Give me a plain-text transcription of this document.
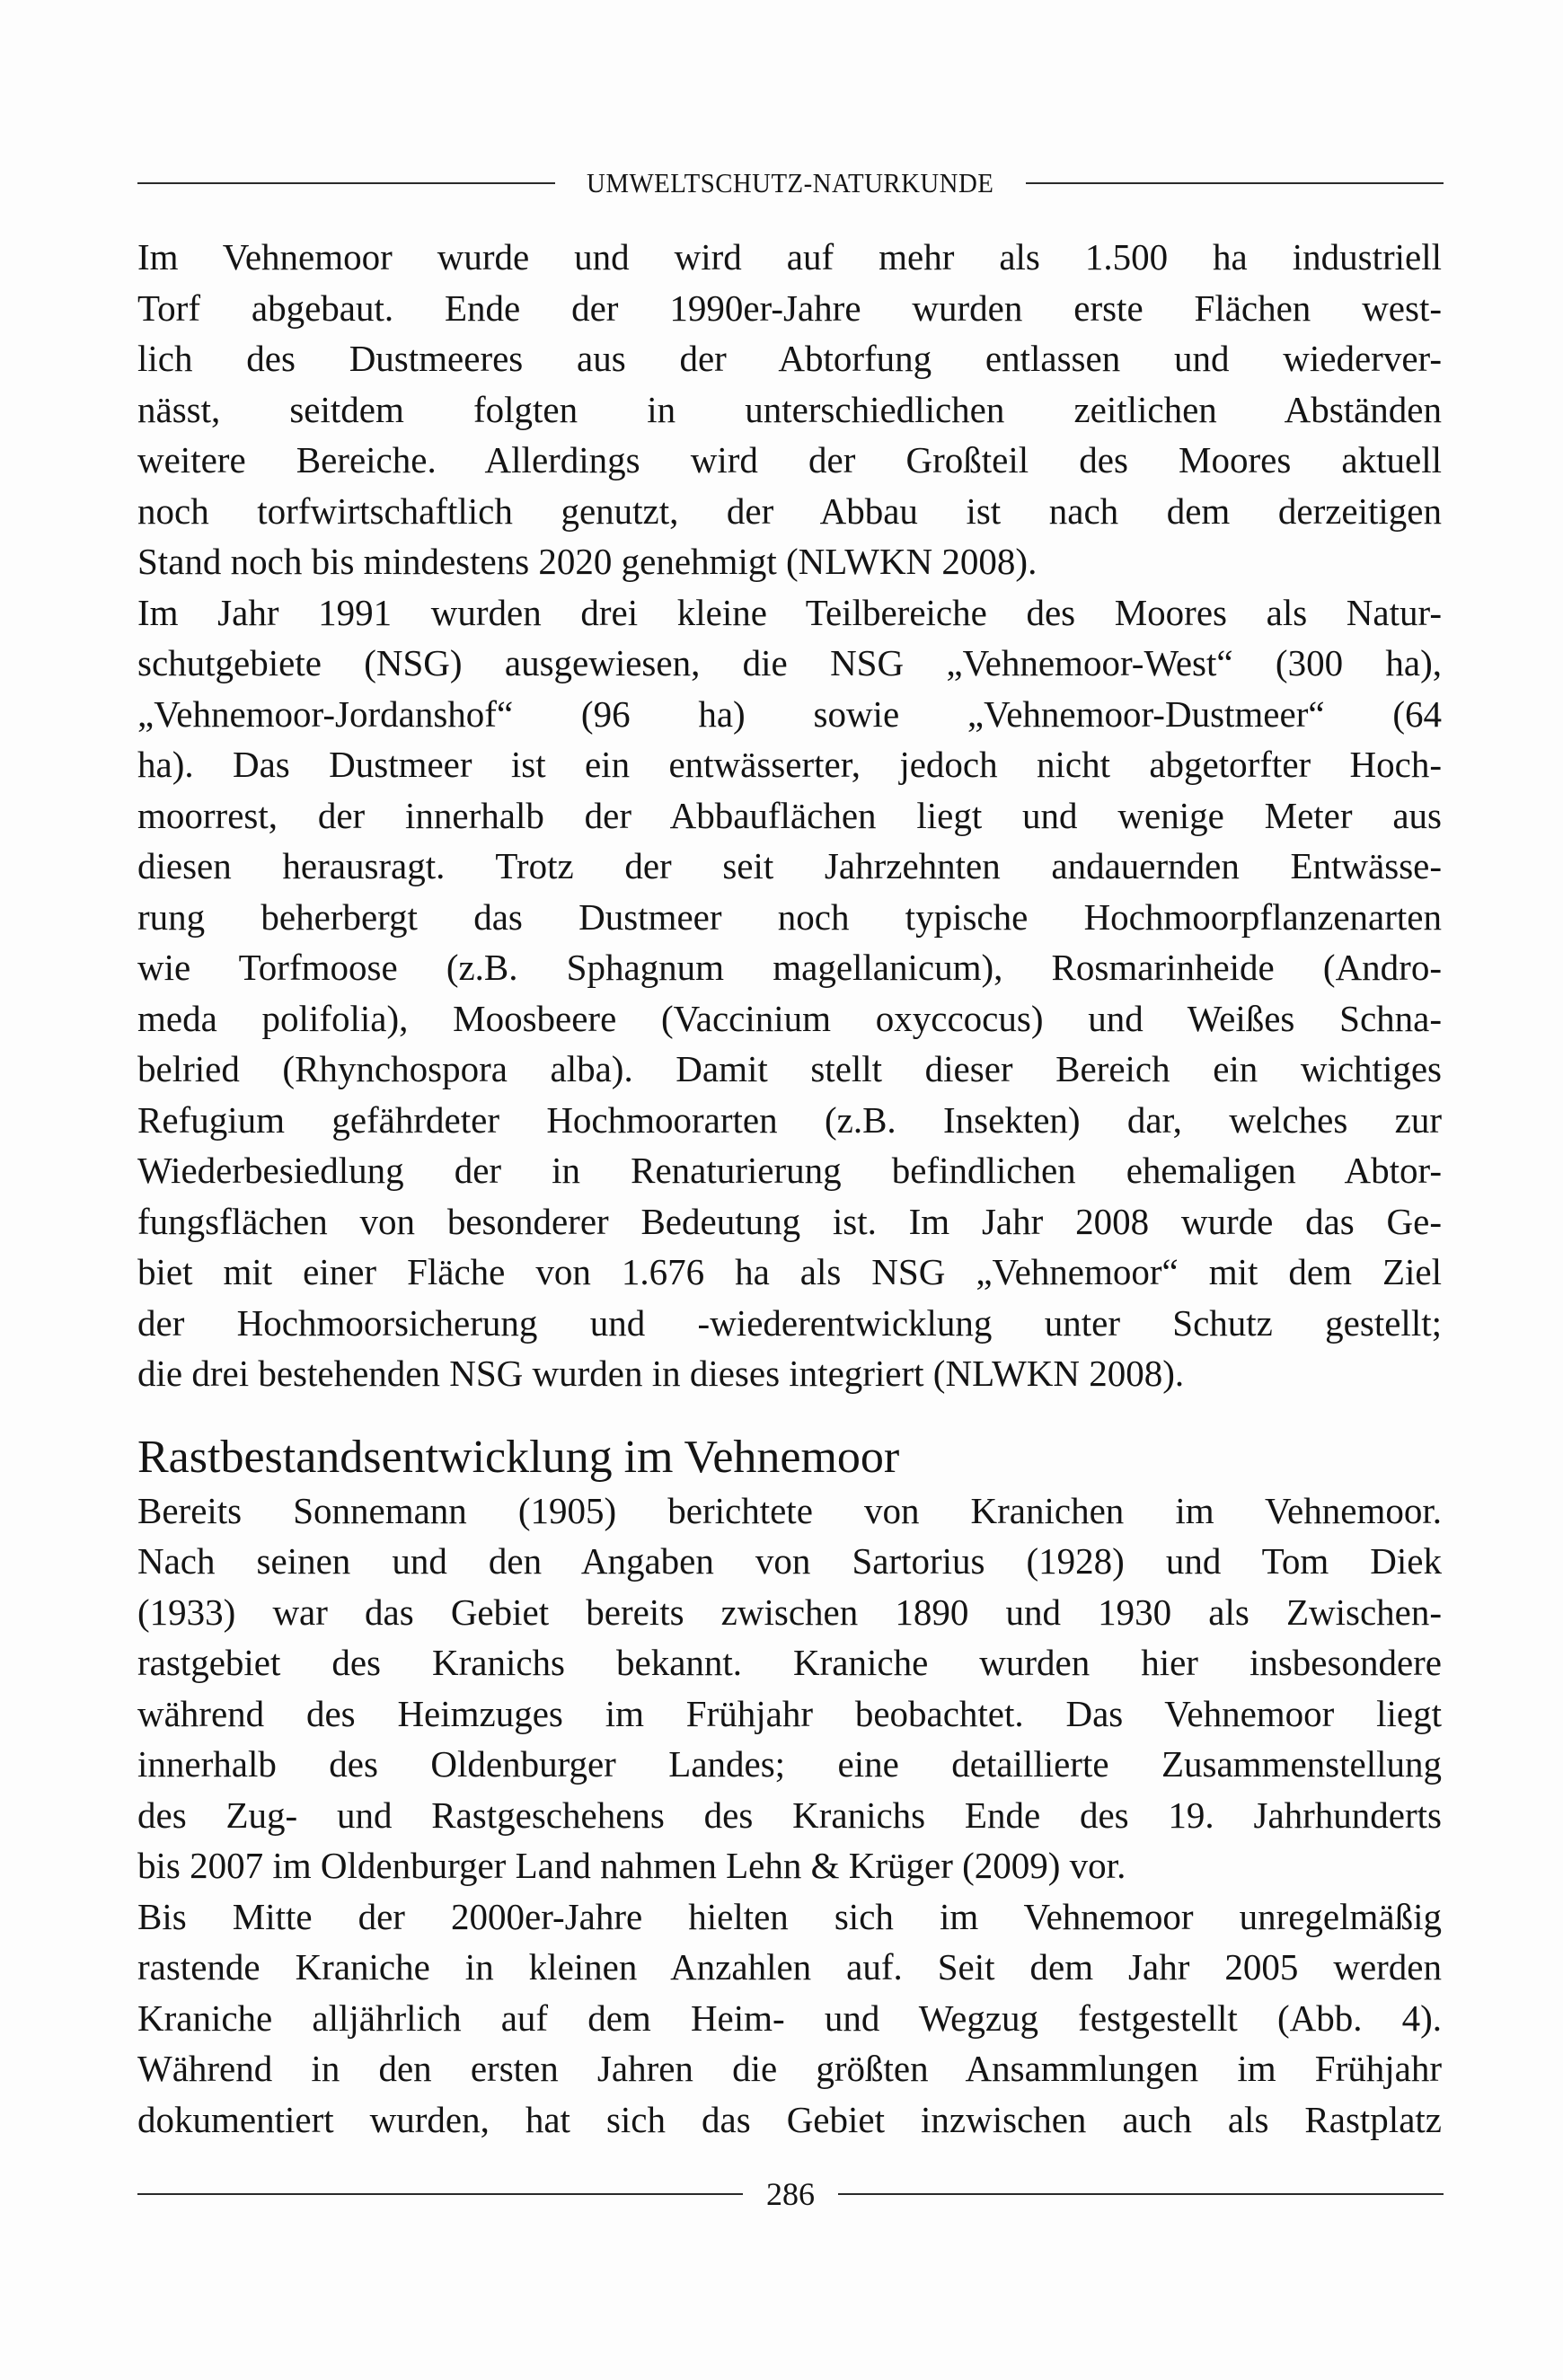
UMWELTSCHUTZ-NATURKUNDE
Im Vehnemoor wurde und wird auf mehr als 1.500 ha industriell
Torf abgebaut. Ende der 1990er-Jahre wurden erste Flächen west-
lich des Dustmeeres aus der Abtorfung entlassen und wiederver-
nässt, seitdem folgten in unterschiedlichen zeitlichen Abständen
weitere Bereiche. Allerdings wird der Großteil des Moores aktuell
noch torfwirtschaftlich genutzt, der Abbau ist nach dem derzeitigen
Stand noch bis mindestens 2020 genehmigt (NLWKN 2008).
Im Jahr 1991 wurden drei kleine Teilbereiche des Moores als Natur-
schutgebiete (NSG) ausgewiesen, die NSG „Vehnemoor-West“ (300 ha),
„Vehnemoor-Jordanshof“ (96 ha) sowie „Vehnemoor-Dustmeer“ (64
ha). Das Dustmeer ist ein entwässerter, jedoch nicht abgetorfter Hoch-
moorrest, der innerhalb der Abbauflächen liegt und wenige Meter aus
diesen herausragt. Trotz der seit Jahrzehnten andauernden Entwässe-
rung beherbergt das Dustmeer noch typische Hochmoorpflanzenarten
wie Torfmoose (z.B. Sphagnum magellanicum), Rosmarinheide (Andro-
meda polifolia), Moosbeere (Vaccinium oxyccocus) und Weißes Schna-
belried (Rhynchospora alba). Damit stellt dieser Bereich ein wichtiges
Refugium gefährdeter Hochmoorarten (z.B. Insekten) dar, welches zur
Wiederbesiedlung der in Renaturierung befindlichen ehemaligen Abtor-
fungsflächen von besonderer Bedeutung ist. Im Jahr 2008 wurde das Ge-
biet mit einer Fläche von 1.676 ha als NSG „Vehnemoor“ mit dem Ziel
der Hochmoorsicherung und -wiederentwicklung unter Schutz gestellt;
die drei bestehenden NSG wurden in dieses integriert (NLWKN 2008).
Rastbestandsentwicklung im Vehnemoor
Bereits Sonnemann (1905) berichtete von Kranichen im Vehnemoor.
Nach seinen und den Angaben von Sartorius (1928) und Tom Diek
(1933) war das Gebiet bereits zwischen 1890 und 1930 als Zwischen-
rastgebiet des Kranichs bekannt. Kraniche wurden hier insbesondere
während des Heimzuges im Frühjahr beobachtet. Das Vehnemoor liegt
innerhalb des Oldenburger Landes; eine detaillierte Zusammenstellung
des Zug- und Rastgeschehens des Kranichs Ende des 19. Jahrhunderts
bis 2007 im Oldenburger Land nahmen Lehn & Krüger (2009) vor.
Bis Mitte der 2000er-Jahre hielten sich im Vehnemoor unregelmäßig
rastende Kraniche in kleinen Anzahlen auf. Seit dem Jahr 2005 werden
Kraniche alljährlich auf dem Heim- und Wegzug festgestellt (Abb. 4).
Während in den ersten Jahren die größten Ansammlungen im Frühjahr
dokumentiert wurden, hat sich das Gebiet inzwischen auch als Rastplatz
286
